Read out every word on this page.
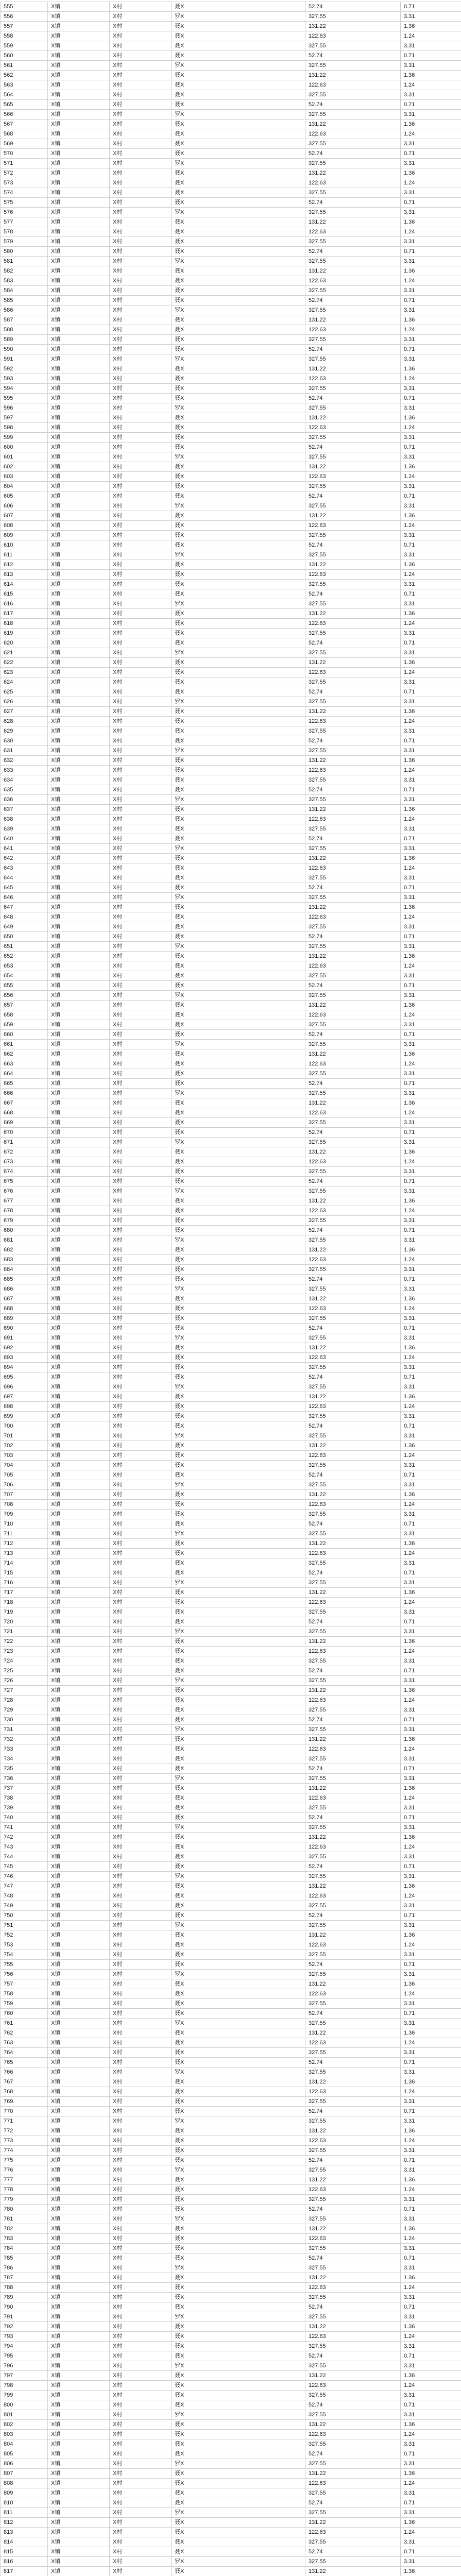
555	X镇	X村	聂X	52.74	0.71
556	X镇	X村	罗X	327.55	3.31
557	X镇	X村	聂X	131.22	1.36
558	X镇	X村	聂X	122.63	1.24
559	X镇	X村	聂X	327.55	3.31
560	X镇	X村	聂X	52.74	0.71
561	X镇	X村	罗X	327.55	3.31
562	X镇	X村	聂X	131.22	1.36
563	X镇	X村	聂X	122.63	1.24
564	X镇	X村	聂X	327.55	3.31
565	X镇	X村	聂X	52.74	0.71
566	X镇	X村	罗X	327.55	3.31
567	X镇	X村	聂X	131.22	1.36
568	X镇	X村	聂X	122.63	1.24
569	X镇	X村	聂X	327.55	3.31
570	X镇	X村	聂X	52.74	0.71
571	X镇	X村	罗X	327.55	3.31
572	X镇	X村	聂X	131.22	1.36
573	X镇	X村	聂X	122.63	1.24
574	X镇	X村	聂X	327.55	3.31
575	X镇	X村	聂X	52.74	0.71
576	X镇	X村	罗X	327.55	3.31
577	X镇	X村	聂X	131.22	1.36
578	X镇	X村	聂X	122.63	1.24
579	X镇	X村	聂X	327.55	3.31
580	X镇	X村	聂X	52.74	0.71
581	X镇	X村	罗X	327.55	3.31
582	X镇	X村	聂X	131.22	1.36
583	X镇	X村	聂X	122.63	1.24
584	X镇	X村	聂X	327.55	3.31
585	X镇	X村	聂X	52.74	0.71
586	X镇	X村	罗X	327.55	3.31
587	X镇	X村	聂X	131.22	1.36
588	X镇	X村	聂X	122.63	1.24
589	X镇	X村	聂X	327.55	3.31
590	X镇	X村	聂X	52.74	0.71
591	X镇	X村	罗X	327.55	3.31
592	X镇	X村	聂X	131.22	1.36
593	X镇	X村	聂X	122.63	1.24
594	X镇	X村	聂X	327.55	3.31
595	X镇	X村	聂X	52.74	0.71
596	X镇	X村	罗X	327.55	3.31
597	X镇	X村	聂X	131.22	1.36
598	X镇	X村	聂X	122.63	1.24
599	X镇	X村	聂X	327.55	3.31
600	X镇	X村	聂X	52.74	0.71
601	X镇	X村	罗X	327.55	3.31
602	X镇	X村	聂X	131.22	1.36
603	X镇	X村	聂X	122.63	1.24
604	X镇	X村	聂X	327.55	3.31
605	X镇	X村	聂X	52.74	0.71
606	X镇	X村	罗X	327.55	3.31
607	X镇	X村	聂X	131.22	1.36
608	X镇	X村	聂X	122.63	1.24
609	X镇	X村	聂X	327.55	3.31
610	X镇	X村	聂X	52.74	0.71
611	X镇	X村	罗X	327.55	3.31
612	X镇	X村	聂X	131.22	1.36
613	X镇	X村	聂X	122.63	1.24
614	X镇	X村	聂X	327.55	3.31
615	X镇	X村	聂X	52.74	0.71
616	X镇	X村	罗X	327.55	3.31
617	X镇	X村	聂X	131.22	1.36
618	X镇	X村	聂X	122.63	1.24
619	X镇	X村	聂X	327.55	3.31
620	X镇	X村	聂X	52.74	0.71
621	X镇	X村	罗X	327.55	3.31
622	X镇	X村	聂X	131.22	1.36
623	X镇	X村	聂X	122.63	1.24
624	X镇	X村	聂X	327.55	3.31
625	X镇	X村	聂X	52.74	0.71
626	X镇	X村	罗X	327.55	3.31
627	X镇	X村	聂X	131.22	1.36
628	X镇	X村	聂X	122.63	1.24
629	X镇	X村	聂X	327.55	3.31
630	X镇	X村	聂X	52.74	0.71
631	X镇	X村	罗X	327.55	3.31
632	X镇	X村	聂X	131.22	1.36
633	X镇	X村	聂X	122.63	1.24
634	X镇	X村	聂X	327.55	3.31
635	X镇	X村	聂X	52.74	0.71
636	X镇	X村	罗X	327.55	3.31
637	X镇	X村	聂X	131.22	1.36
638	X镇	X村	聂X	122.63	1.24
639	X镇	X村	聂X	327.55	3.31
640	X镇	X村	聂X	52.74	0.71
641	X镇	X村	罗X	327.55	3.31
642	X镇	X村	聂X	131.22	1.36
643	X镇	X村	聂X	122.63	1.24
644	X镇	X村	聂X	327.55	3.31
645	X镇	X村	聂X	52.74	0.71
646	X镇	X村	罗X	327.55	3.31
647	X镇	X村	聂X	131.22	1.36
648	X镇	X村	聂X	122.63	1.24
649	X镇	X村	聂X	327.55	3.31
650	X镇	X村	聂X	52.74	0.71
651	X镇	X村	罗X	327.55	3.31
652	X镇	X村	聂X	131.22	1.36
653	X镇	X村	聂X	122.63	1.24
654	X镇	X村	聂X	327.55	3.31
655	X镇	X村	聂X	52.74	0.71
656	X镇	X村	罗X	327.55	3.31
657	X镇	X村	聂X	131.22	1.36
658	X镇	X村	聂X	122.63	1.24
659	X镇	X村	聂X	327.55	3.31
660	X镇	X村	聂X	52.74	0.71
661	X镇	X村	罗X	327.55	3.31
662	X镇	X村	聂X	131.22	1.36
663	X镇	X村	聂X	122.63	1.24
664	X镇	X村	聂X	327.55	3.31
665	X镇	X村	聂X	52.74	0.71
666	X镇	X村	罗X	327.55	3.31
667	X镇	X村	聂X	131.22	1.36
668	X镇	X村	聂X	122.63	1.24
669	X镇	X村	聂X	327.55	3.31
670	X镇	X村	聂X	52.74	0.71
671	X镇	X村	罗X	327.55	3.31
672	X镇	X村	聂X	131.22	1.36
673	X镇	X村	聂X	122.63	1.24
674	X镇	X村	聂X	327.55	3.31
675	X镇	X村	聂X	52.74	0.71
676	X镇	X村	罗X	327.55	3.31
677	X镇	X村	聂X	131.22	1.36
678	X镇	X村	聂X	122.63	1.24
679	X镇	X村	聂X	327.55	3.31
680	X镇	X村	聂X	52.74	0.71
681	X镇	X村	罗X	327.55	3.31
682	X镇	X村	聂X	131.22	1.36
683	X镇	X村	聂X	122.63	1.24
684	X镇	X村	聂X	327.55	3.31
685	X镇	X村	聂X	52.74	0.71
686	X镇	X村	罗X	327.55	3.31
687	X镇	X村	聂X	131.22	1.36
688	X镇	X村	聂X	122.63	1.24
689	X镇	X村	聂X	327.55	3.31
690	X镇	X村	聂X	52.74	0.71
691	X镇	X村	罗X	327.55	3.31
692	X镇	X村	聂X	131.22	1.36
693	X镇	X村	聂X	122.63	1.24
694	X镇	X村	聂X	327.55	3.31
695	X镇	X村	聂X	52.74	0.71
696	X镇	X村	罗X	327.55	3.31
697	X镇	X村	聂X	131.22	1.36
698	X镇	X村	聂X	122.63	1.24
699	X镇	X村	聂X	327.55	3.31
700	X镇	X村	聂X	52.74	0.71
701	X镇	X村	罗X	327.55	3.31
702	X镇	X村	聂X	131.22	1.36
703	X镇	X村	聂X	122.63	1.24
704	X镇	X村	聂X	327.55	3.31
705	X镇	X村	聂X	52.74	0.71
706	X镇	X村	罗X	327.55	3.31
707	X镇	X村	聂X	131.22	1.36
708	X镇	X村	聂X	122.63	1.24
709	X镇	X村	聂X	327.55	3.31
710	X镇	X村	聂X	52.74	0.71
711	X镇	X村	罗X	327.55	3.31
712	X镇	X村	聂X	131.22	1.36
713	X镇	X村	聂X	122.63	1.24
714	X镇	X村	聂X	327.55	3.31
715	X镇	X村	聂X	52.74	0.71
716	X镇	X村	罗X	327.55	3.31
717	X镇	X村	聂X	131.22	1.36
718	X镇	X村	聂X	122.63	1.24
719	X镇	X村	聂X	327.55	3.31
720	X镇	X村	聂X	52.74	0.71
721	X镇	X村	罗X	327.55	3.31
722	X镇	X村	聂X	131.22	1.36
723	X镇	X村	聂X	122.63	1.24
724	X镇	X村	聂X	327.55	3.31
725	X镇	X村	聂X	52.74	0.71
726	X镇	X村	罗X	327.55	3.31
727	X镇	X村	聂X	131.22	1.36
728	X镇	X村	聂X	122.63	1.24
729	X镇	X村	聂X	327.55	3.31
730	X镇	X村	聂X	52.74	0.71
731	X镇	X村	罗X	327.55	3.31
732	X镇	X村	聂X	131.22	1.36
733	X镇	X村	聂X	122.63	1.24
734	X镇	X村	聂X	327.55	3.31
735	X镇	X村	聂X	52.74	0.71
736	X镇	X村	罗X	327.55	3.31
737	X镇	X村	聂X	131.22	1.36
738	X镇	X村	聂X	122.63	1.24
739	X镇	X村	聂X	327.55	3.31
740	X镇	X村	聂X	52.74	0.71
741	X镇	X村	罗X	327.55	3.31
742	X镇	X村	聂X	131.22	1.36
743	X镇	X村	聂X	122.63	1.24
744	X镇	X村	聂X	327.55	3.31
745	X镇	X村	聂X	52.74	0.71
746	X镇	X村	罗X	327.55	3.31
747	X镇	X村	聂X	131.22	1.36
748	X镇	X村	聂X	122.63	1.24
749	X镇	X村	聂X	327.55	3.31
750	X镇	X村	聂X	52.74	0.71
751	X镇	X村	罗X	327.55	3.31
752	X镇	X村	聂X	131.22	1.36
753	X镇	X村	聂X	122.63	1.24
754	X镇	X村	聂X	327.55	3.31
755	X镇	X村	聂X	52.74	0.71
756	X镇	X村	罗X	327.55	3.31
757	X镇	X村	聂X	131.22	1.36
758	X镇	X村	聂X	122.63	1.24
759	X镇	X村	聂X	327.55	3.31
760	X镇	X村	聂X	52.74	0.71
761	X镇	X村	罗X	327.55	3.31
762	X镇	X村	聂X	131.22	1.36
763	X镇	X村	聂X	122.63	1.24
764	X镇	X村	聂X	327.55	3.31
765	X镇	X村	聂X	52.74	0.71
766	X镇	X村	罗X	327.55	3.31
767	X镇	X村	聂X	131.22	1.36
768	X镇	X村	聂X	122.63	1.24
769	X镇	X村	聂X	327.55	3.31
770	X镇	X村	聂X	52.74	0.71
771	X镇	X村	罗X	327.55	3.31
772	X镇	X村	聂X	131.22	1.36
773	X镇	X村	聂X	122.63	1.24
774	X镇	X村	聂X	327.55	3.31
775	X镇	X村	聂X	52.74	0.71
776	X镇	X村	罗X	327.55	3.31
777	X镇	X村	聂X	131.22	1.36
778	X镇	X村	聂X	122.63	1.24
779	X镇	X村	聂X	327.55	3.31
780	X镇	X村	聂X	52.74	0.71
781	X镇	X村	罗X	327.55	3.31
782	X镇	X村	聂X	131.22	1.36
783	X镇	X村	聂X	122.63	1.24
784	X镇	X村	聂X	327.55	3.31
785	X镇	X村	聂X	52.74	0.71
786	X镇	X村	罗X	327.55	3.31
787	X镇	X村	聂X	131.22	1.36
788	X镇	X村	聂X	122.63	1.24
789	X镇	X村	聂X	327.55	3.31
790	X镇	X村	聂X	52.74	0.71
791	X镇	X村	罗X	327.55	3.31
792	X镇	X村	聂X	131.22	1.36
793	X镇	X村	聂X	122.63	1.24
794	X镇	X村	聂X	327.55	3.31
795	X镇	X村	聂X	52.74	0.71
796	X镇	X村	罗X	327.55	3.31
797	X镇	X村	聂X	131.22	1.36
798	X镇	X村	聂X	122.63	1.24
799	X镇	X村	聂X	327.55	3.31
800	X镇	X村	聂X	52.74	0.71
801	X镇	X村	罗X	327.55	3.31
802	X镇	X村	聂X	131.22	1.36
803	X镇	X村	聂X	122.63	1.24
804	X镇	X村	聂X	327.55	3.31
805	X镇	X村	聂X	52.74	0.71
806	X镇	X村	罗X	327.55	3.31
807	X镇	X村	聂X	131.22	1.36
808	X镇	X村	聂X	122.63	1.24
809	X镇	X村	聂X	327.55	3.31
810	X镇	X村	聂X	52.74	0.71
811	X镇	X村	罗X	327.55	3.31
812	X镇	X村	聂X	131.22	1.36
813	X镇	X村	聂X	122.63	1.24
814	X镇	X村	聂X	327.55	3.31
815	X镇	X村	聂X	52.74	0.71
816	X镇	X村	罗X	327.55	3.31
817	X镇	X村	聂X	131.22	1.36
